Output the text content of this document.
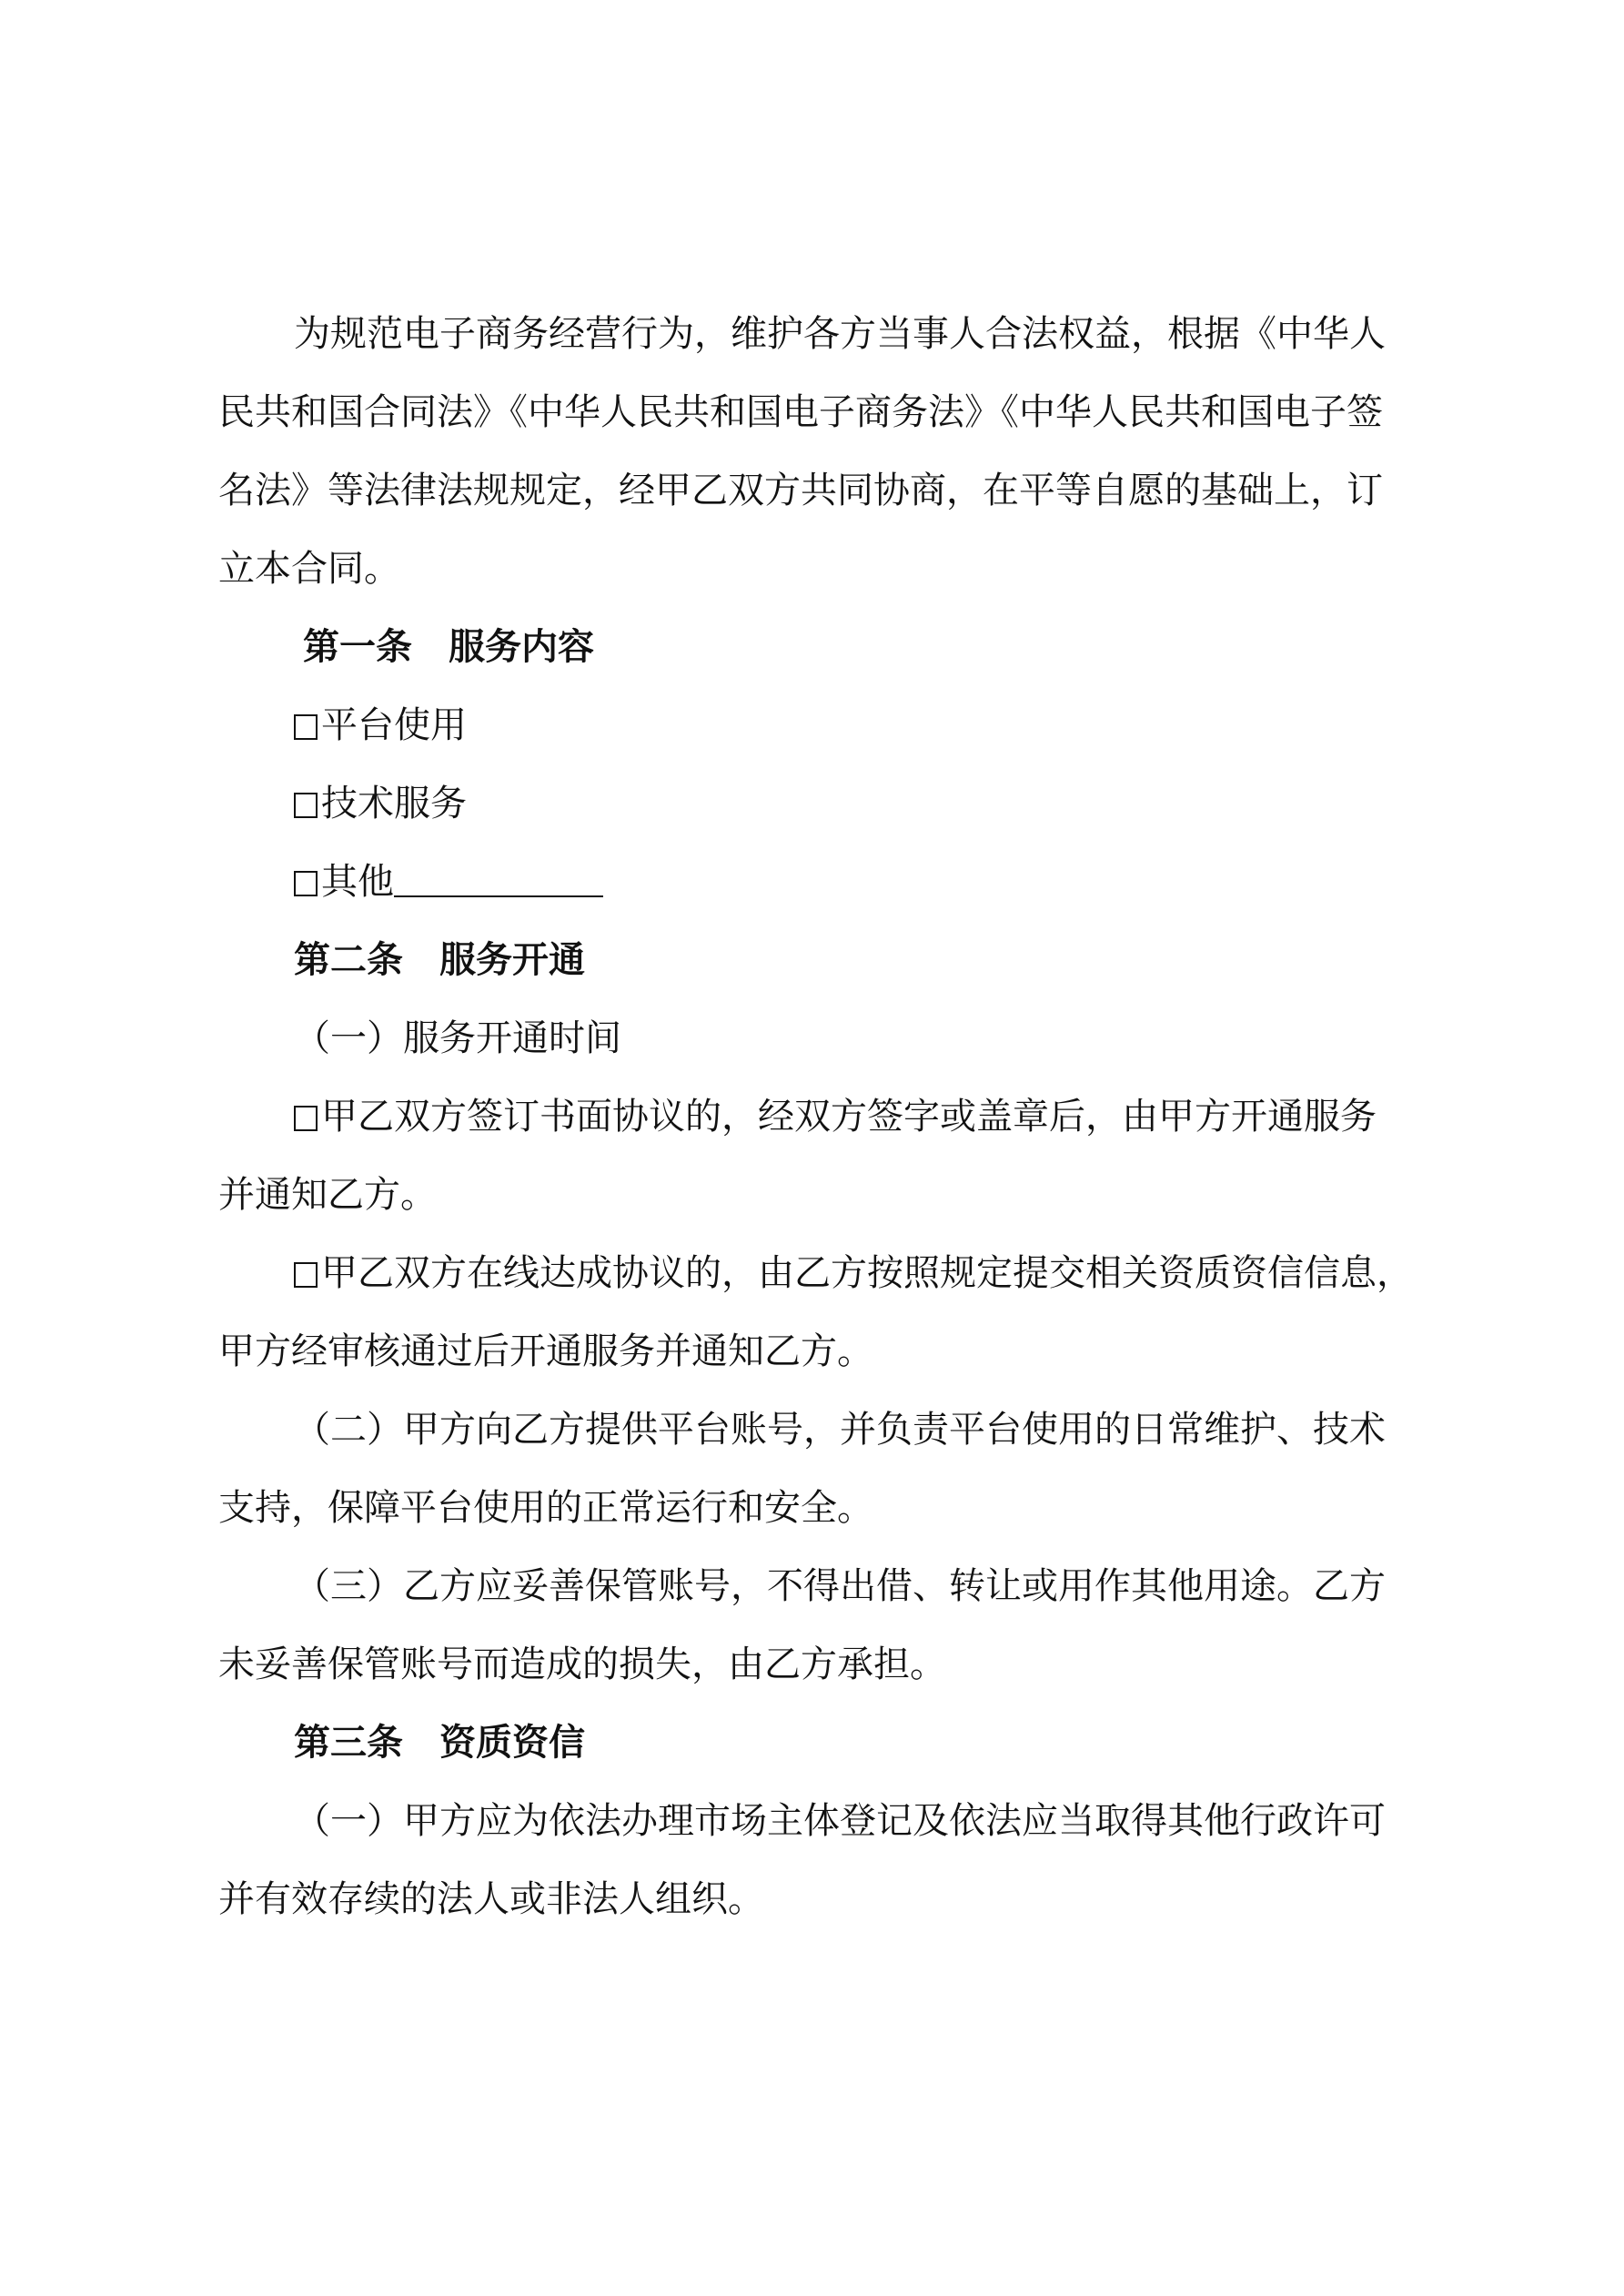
为规范电子商务经营行为，维护各方当事人合法权益，根据《中华人
民共和国合同法》《中华人民共和国电子商务法》《中华人民共和国电子签
名法》等法律法规规定，经甲乙双方共同协商，在平等自愿的基础上，订
立本合同。
第一条　服务内容
平台使用
技术服务
其他
第二条　服务开通
（一）服务开通时间
甲乙双方签订书面协议的，经双方签字或盖章后，由甲方开通服务
并通知乙方。
甲乙双方在线达成协议的，由乙方按照规定提交相关资质资信信息，
甲方经审核通过后开通服务并通知乙方。
（二）甲方向乙方提供平台账号，并负责平台使用的日常维护、技术
支持，保障平台使用的正常运行和安全。
（三）乙方应妥善保管账号，不得出借、转让或用作其他用途。乙方
未妥善保管账号而造成的损失，由乙方承担。
第三条　资质资信
（一）甲方应为依法办理市场主体登记及依法应当取得其他行政许可
并有效存续的法人或非法人组织。
